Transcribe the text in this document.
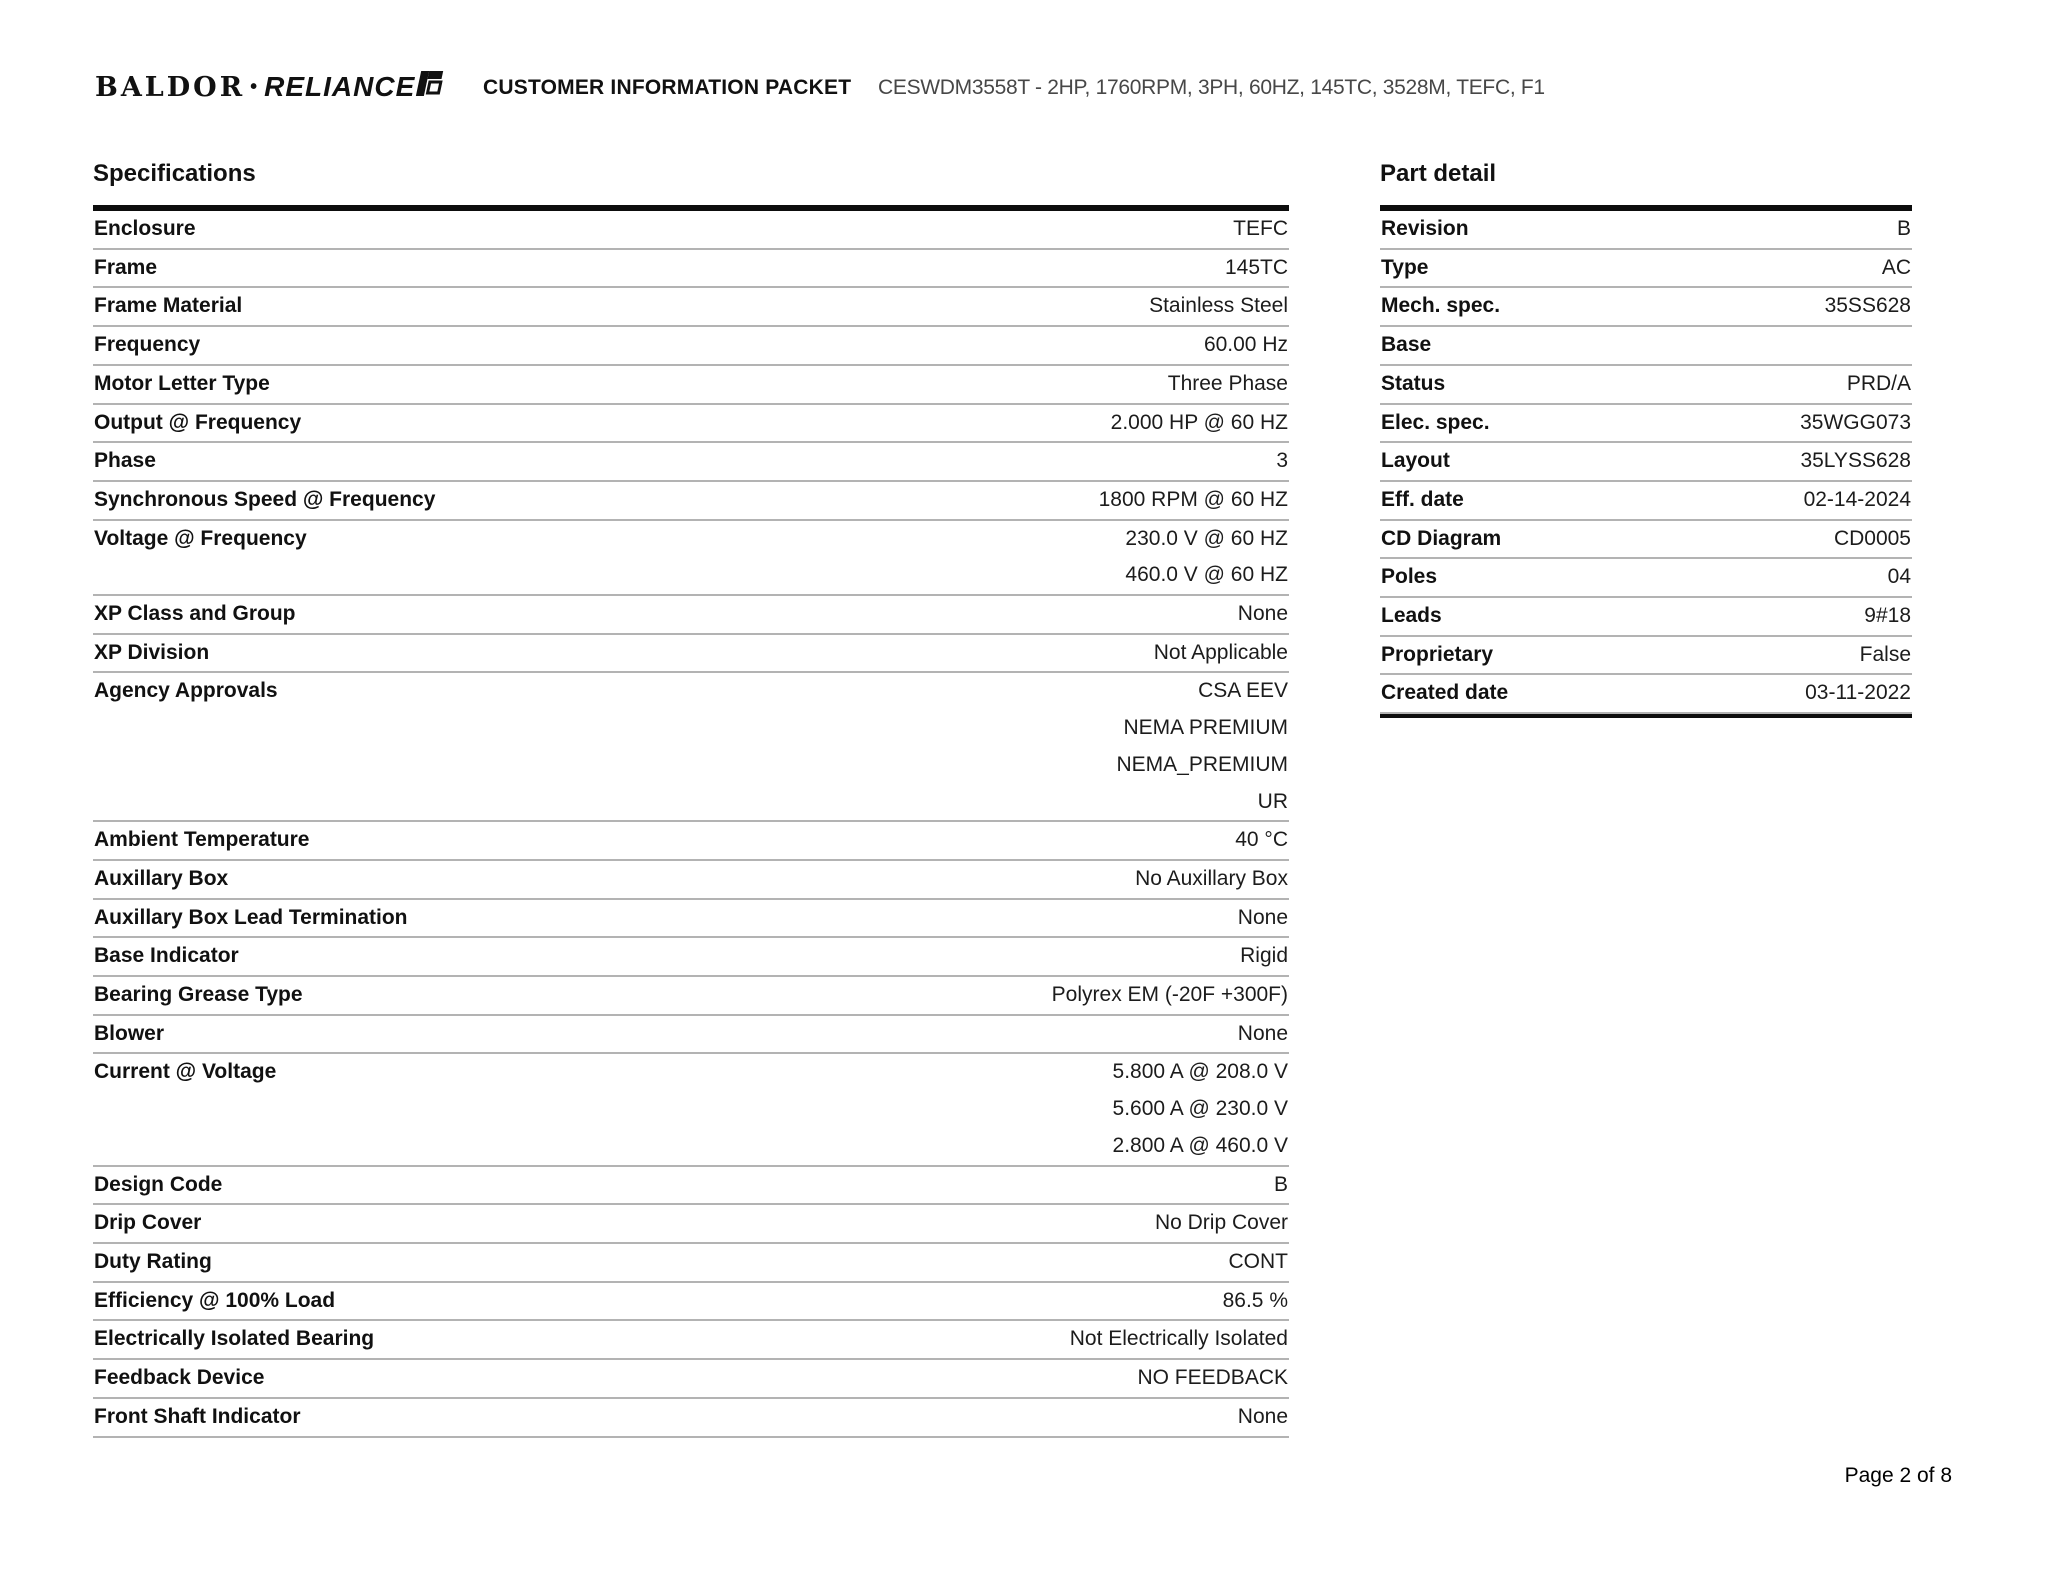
BALDOR • RELIANCE	CUSTOMER INFORMATION PACKET CESWDM3558T - 2HP, 1760RPM, 3PH, 60HZ, 145TC, 3528M, TEFC, F1
Specifications	Part detail
Enclosure	TEFC
Frame	145TC
Frame Material	Stainless Steel
Frequency	60.00 Hz
Motor Letter Type	Three Phase
Output @ Frequency	2.000 HP @ 60 HZ
Phase	3
Synchronous Speed @ Frequency	1800 RPM @ 60 HZ
Voltage @ Frequency	230.0 V @ 60 HZ
460.0 V @ 60 HZ
XP Class and Group	None
XP Division	Not Applicable
Agency Approvals	CSA EEV
NEMA PREMIUM
NEMA_PREMIUM
UR
Ambient Temperature	40 °C
Auxillary Box	No Auxillary Box
Auxillary Box Lead Termination	None
Base Indicator	Rigid
Bearing Grease Type	Polyrex EM (-20F +300F)
Blower	None
Current @ Voltage	5.800 A @ 208.0 V
5.600 A @ 230.0 V
2.800 A @ 460.0 V
Design Code	B
Drip Cover	No Drip Cover
Duty Rating	CONT
Efficiency @ 100% Load	86.5 %
Electrically Isolated Bearing	Not Electrically Isolated
Feedback Device	NO FEEDBACK
Front Shaft Indicator	None
Revision	B
Type	AC
Mech. spec.	35SS628
Base
Status	PRD/A
Elec. spec.	35WGG073
Layout	35LYSS628
Eff. date	02-14-2024
CD Diagram	CD0005
Poles	04
Leads	9#18
Proprietary	False
Created date	03-11-2022
Page 2 of 8
